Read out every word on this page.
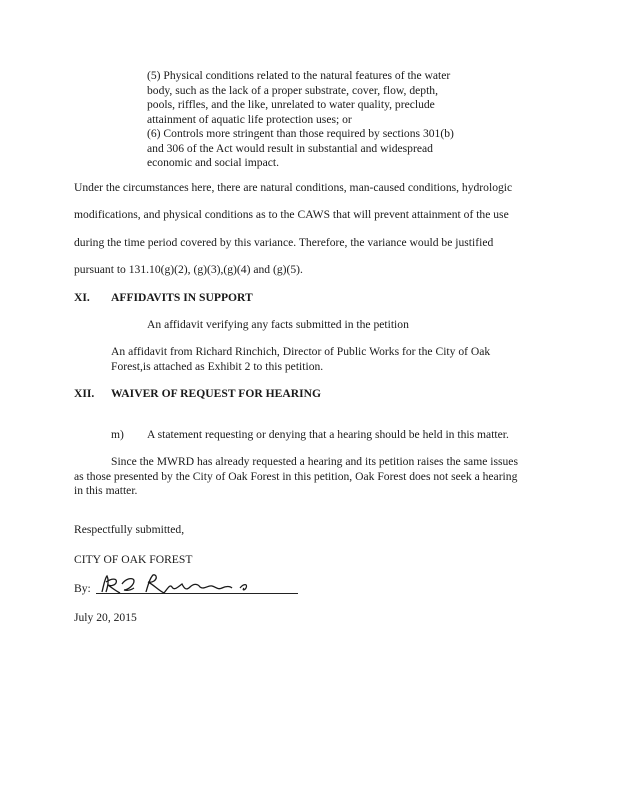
(5) Physical conditions related to the natural features of the water
body, such as the lack of a proper substrate, cover, flow, depth,
pools, riffles, and the like, unrelated to water quality, preclude
attainment of aquatic life protection uses; or
(6) Controls more stringent than those required by sections 301(b)
and 306 of the Act would result in substantial and widespread
economic and social impact.
Under the circumstances here, there are natural conditions, man-caused conditions, hydrologic
modifications, and physical conditions as to the CAWS that will prevent attainment of the use
during the time period covered by this variance. Therefore, the variance would be justified
pursuant to 131.10(g)(2), (g)(3),(g)(4) and (g)(5).
XI. AFFIDAVITS IN SUPPORT
An affidavit verifying any facts submitted in the petition
An affidavit from Richard Rinchich, Director of Public Works for the City of Oak
Forest,is attached as Exhibit 2 to this petition.
XII. WAIVER OF REQUEST FOR HEARING
m) A statement requesting or denying that a hearing should be held in this matter.
Since the MWRD has already requested a hearing and its petition raises the same issues
as those presented by the City of Oak Forest in this petition, Oak Forest does not seek a hearing
in this matter.
Respectfully submitted,
CITY OF OAK FOREST
By:
RC Rinchich
July 20, 2015
